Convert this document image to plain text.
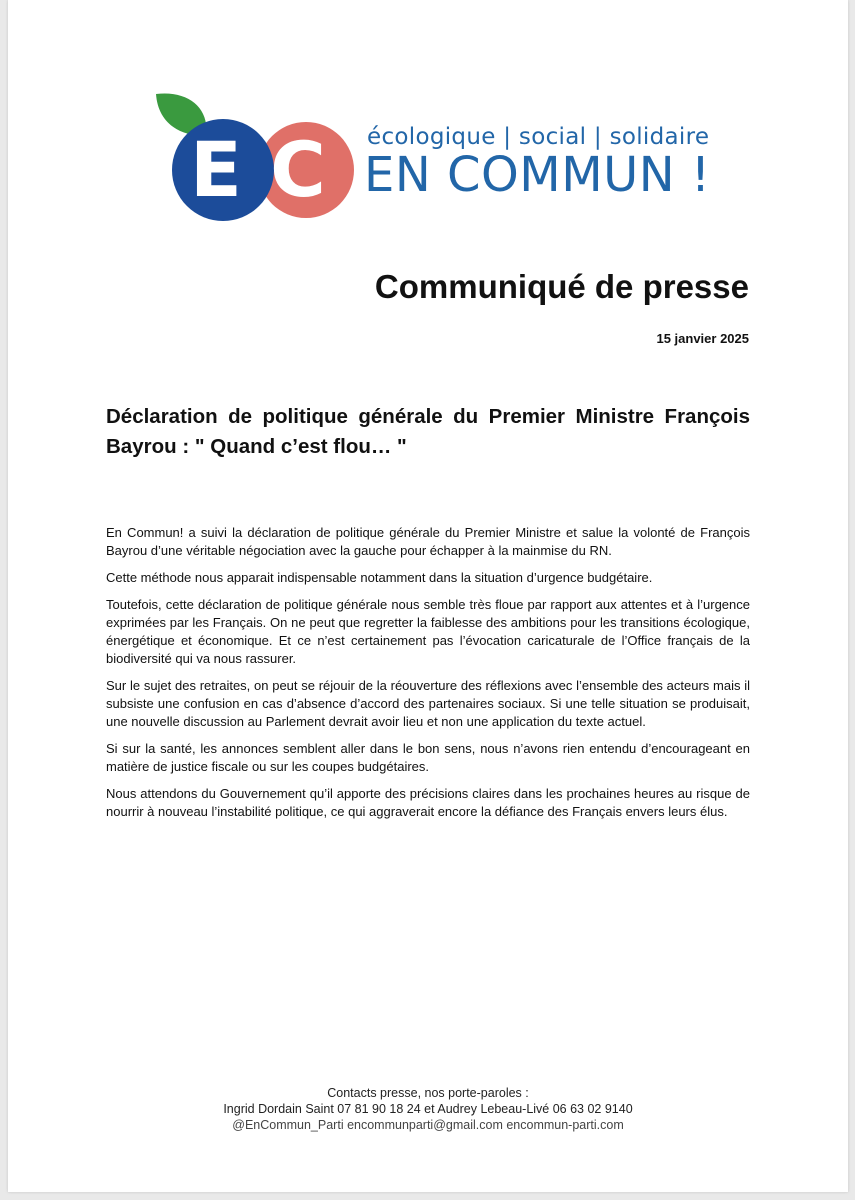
E C écologique | social | solidaire
EN COMMUN !
Communiqué de presse
15 janvier 2025
Déclaration de politique générale du Premier Ministre François Bayrou : " Quand c’est flou… "

En Commun! a suivi la déclaration de politique générale du Premier Ministre et salue la volonté de François Bayrou d’une véritable négociation avec la gauche pour échapper à la mainmise du RN.

Cette méthode nous apparait indispensable notamment dans la situation d’urgence budgétaire.

Toutefois, cette déclaration de politique générale nous semble très floue par rapport aux attentes et à l’urgence exprimées par les Français. On ne peut que regretter la faiblesse des ambitions pour les transitions écologique, énergétique et économique. Et ce n’est certainement pas l’évocation caricaturale de l’Office français de la biodiversité qui va nous rassurer.

Sur le sujet des retraites, on peut se réjouir de la réouverture des réflexions avec l’ensemble des acteurs mais il subsiste une confusion en cas d’absence d’accord des partenaires sociaux. Si une telle situation se produisait, une nouvelle discussion au Parlement devrait avoir lieu et non une application du texte actuel.

Si sur la santé, les annonces semblent aller dans le bon sens, nous n’avons rien entendu d’encourageant en matière de justice fiscale ou sur les coupes budgétaires.

Nous attendons du Gouvernement qu’il apporte des précisions claires dans les prochaines heures au risque de nourrir à nouveau l’instabilité politique, ce qui aggraverait encore la défiance des Français envers leurs élus.

Contacts presse, nos porte-paroles :
Ingrid Dordain Saint 07 81 90 18 24 et Audrey Lebeau-Livé 06 63 02 9140
@EnCommun_Parti encommunparti@gmail.com encommun-parti.com
